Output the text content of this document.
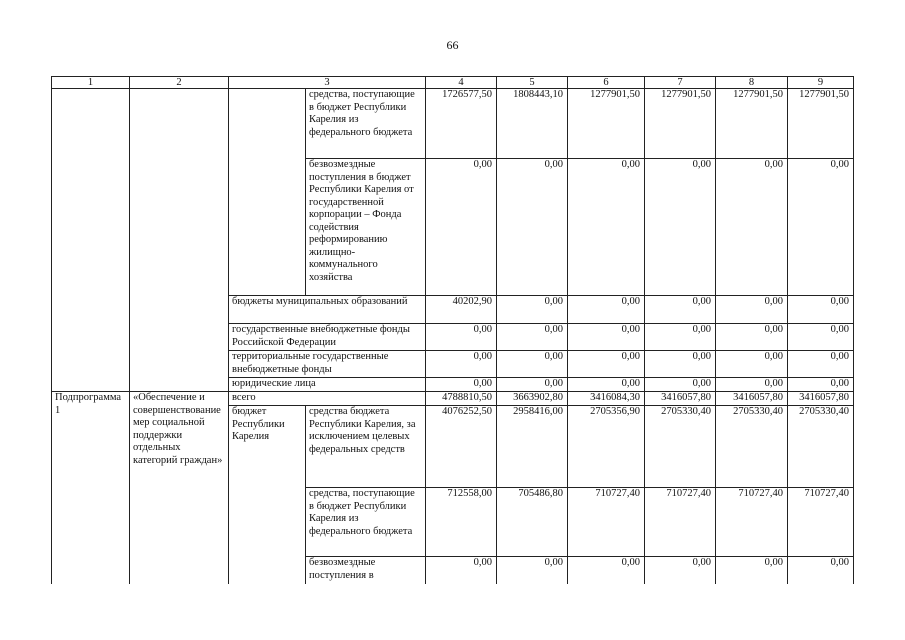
66
1	2	3		4	5	6	7	8	9
			средства, поступающие в бюджет Республики Карелия из федерального бюджета	1726577,50	1808443,10	1277901,50	1277901,50	1277901,50	1277901,50
			безвозмездные поступления в бюджет Республики Карелия от государственной корпорации – Фонда содействия реформированию жилищно-коммунального хозяйства	0,00	0,00	0,00	0,00	0,00	0,00
		бюджеты муниципальных образований		40202,90	0,00	0,00	0,00	0,00	0,00
		государственные внебюджетные фонды Российской Федерации		0,00	0,00	0,00	0,00	0,00	0,00
		территориальные государственные внебюджетные фонды		0,00	0,00	0,00	0,00	0,00	0,00
		юридические лица		0,00	0,00	0,00	0,00	0,00	0,00
Подпрограмма 1	«Обеспечение и совершенствование мер социальной поддержки отдельных категорий граждан»	всего		4788810,50	3663902,80	3416084,30	3416057,80	3416057,80	3416057,80
		бюджет Республики Карелия	средства бюджета Республики Карелия, за исключением целевых федеральных средств	4076252,50	2958416,00	2705356,90	2705330,40	2705330,40	2705330,40
			средства, поступающие в бюджет Республики Карелия из федерального бюджета	712558,00	705486,80	710727,40	710727,40	710727,40	710727,40
			безвозмездные поступления в	0,00	0,00	0,00	0,00	0,00	0,00
